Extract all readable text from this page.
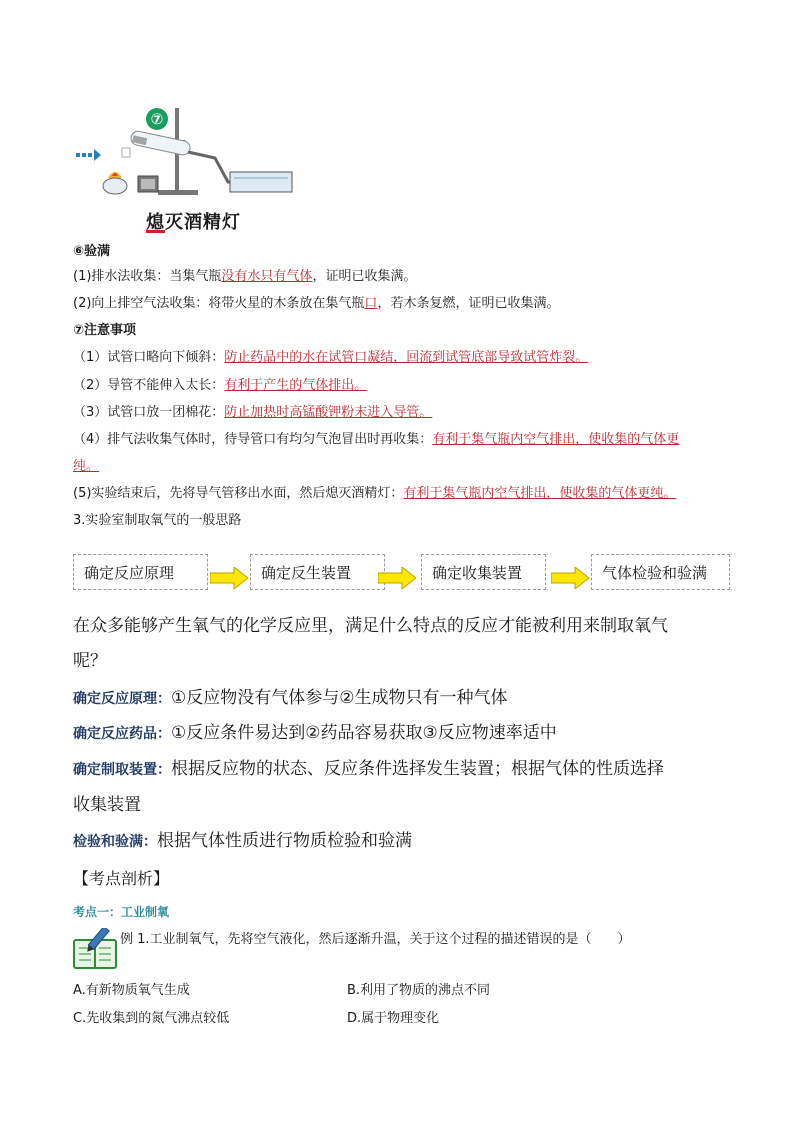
⑦
熄灭酒精灯
⑥验满
(1)排水法收集：当集气瓶没有水只有气体，证明已收集满。
(2)向上排空气法收集：将带火星的木条放在集气瓶口，若木条复燃，证明已收集满。
⑦注意事项
（1）试管口略向下倾斜：防止药品中的水在试管口凝结，回流到试管底部导致试管炸裂。
（2）导管不能伸入太长：有利于产生的气体排出。
（3）试管口放一团棉花：防止加热时高锰酸钾粉末进入导管。
（4）排气法收集气体时，待导管口有均匀气泡冒出时再收集：有利于集气瓶内空气排出，使收集的气体更
纯。
(5)实验结束后，先将导气管移出水面，然后熄灭酒精灯：有利于集气瓶内空气排出，使收集的气体更纯。
3.实验室制取氧气的一般思路
确定反应原理	确定反生装置	确定收集装置	气体检验和验满
在众多能够产生氧气的化学反应里，满足什么特点的反应才能被利用来制取氧气
呢？
确定反应原理：①反应物没有气体参与②生成物只有一种气体
确定反应药品：①反应条件易达到②药品容易获取③反应物速率适中
确定制取装置：根据反应物的状态、反应条件选择发生装置；根据气体的性质选择
收集装置
检验和验满：根据气体性质进行物质检验和验满
【考点剖析】
考点一：工业制氧
例 1.工业制氧气，先将空气液化，然后逐渐升温，关于这个过程的描述错误的是（　　）
A.有新物质氧气生成	B.利用了物质的沸点不同
C.先收集到的氮气沸点较低	D.属于物理变化
